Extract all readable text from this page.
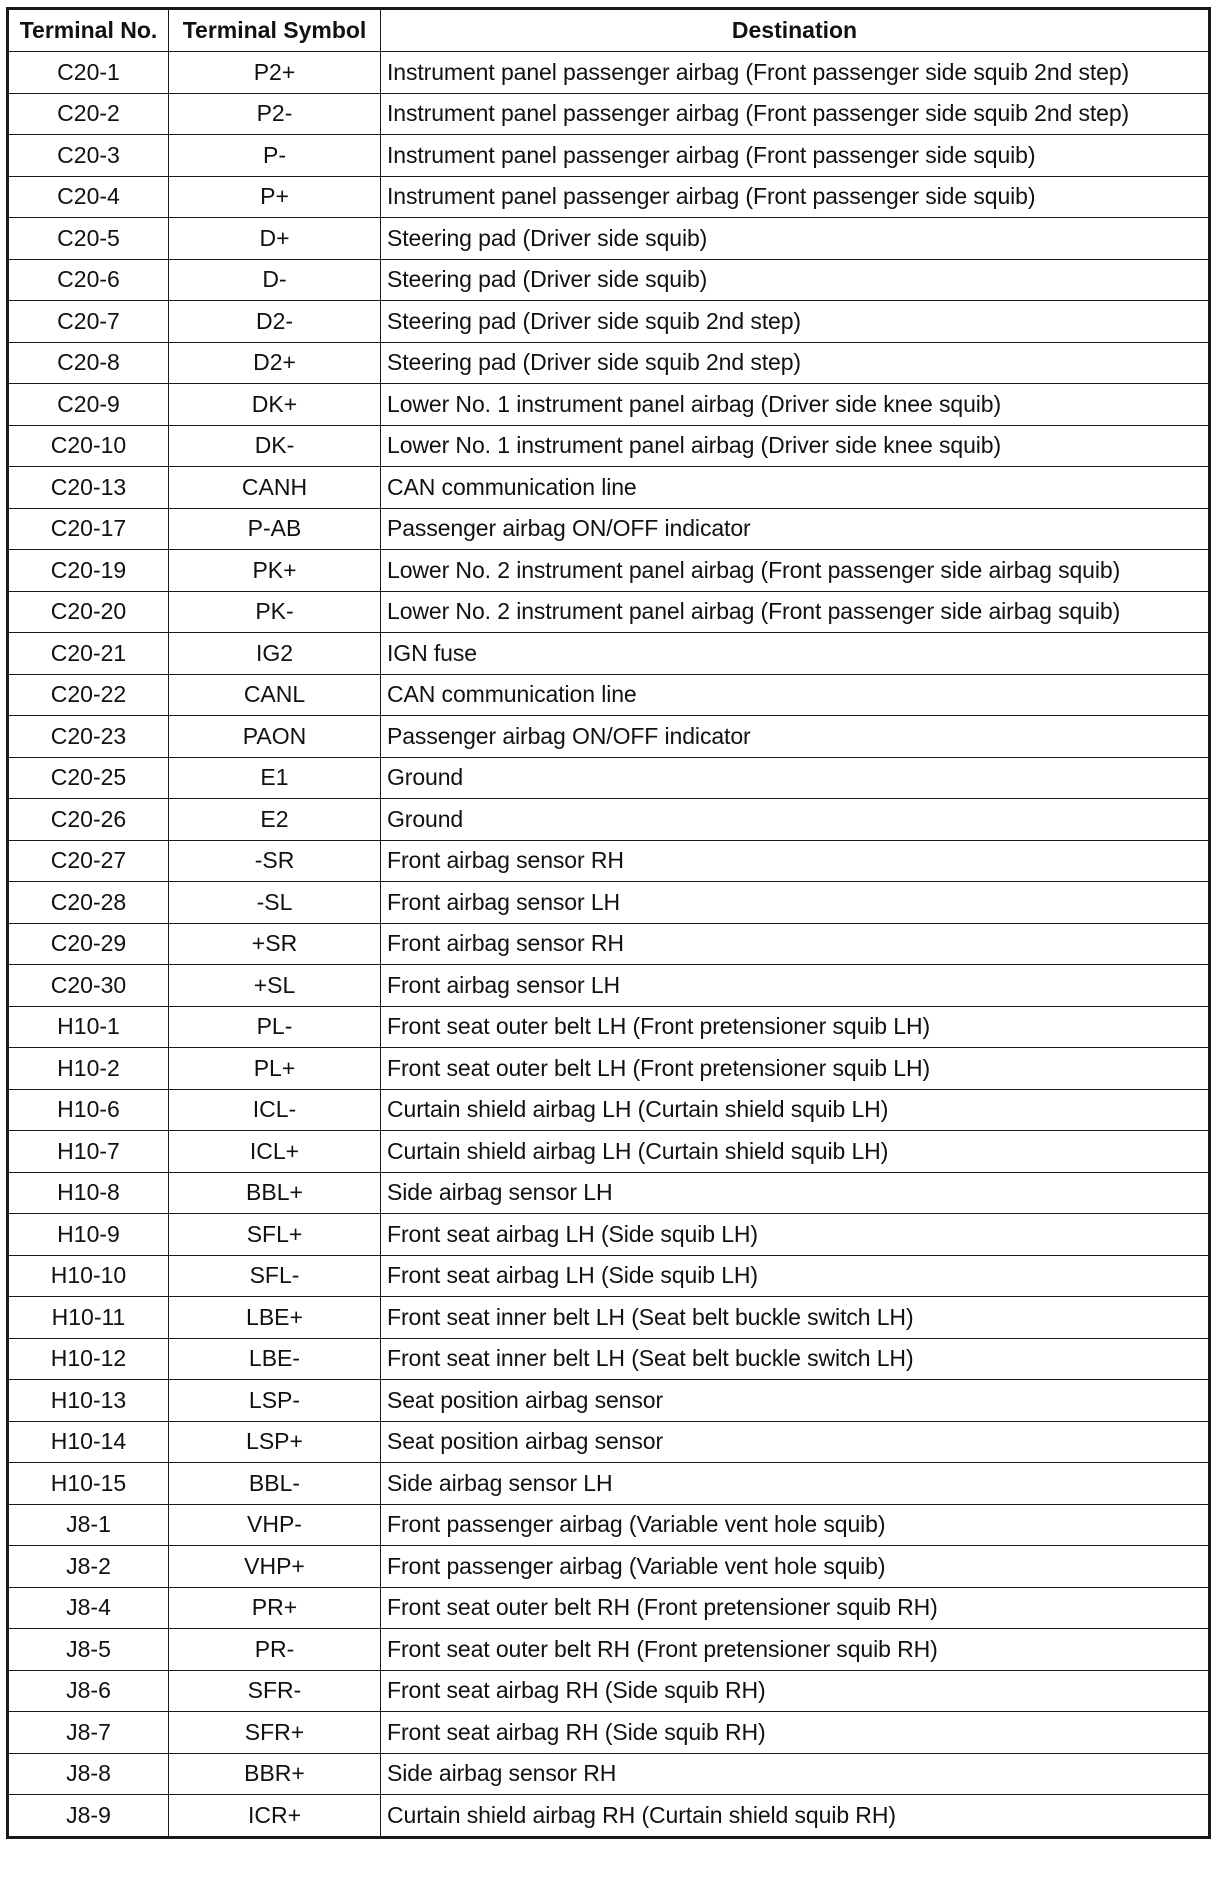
Terminal No.	Terminal Symbol	Destination
C20-1	P2+	Instrument panel passenger airbag (Front passenger side squib 2nd step)
C20-2	P2-	Instrument panel passenger airbag (Front passenger side squib 2nd step)
C20-3	P-	Instrument panel passenger airbag (Front passenger side squib)
C20-4	P+	Instrument panel passenger airbag (Front passenger side squib)
C20-5	D+	Steering pad (Driver side squib)
C20-6	D-	Steering pad (Driver side squib)
C20-7	D2-	Steering pad (Driver side squib 2nd step)
C20-8	D2+	Steering pad (Driver side squib 2nd step)
C20-9	DK+	Lower No. 1 instrument panel airbag (Driver side knee squib)
C20-10	DK-	Lower No. 1 instrument panel airbag (Driver side knee squib)
C20-13	CANH	CAN communication line
C20-17	P-AB	Passenger airbag ON/OFF indicator
C20-19	PK+	Lower No. 2 instrument panel airbag (Front passenger side airbag squib)
C20-20	PK-	Lower No. 2 instrument panel airbag (Front passenger side airbag squib)
C20-21	IG2	IGN fuse
C20-22	CANL	CAN communication line
C20-23	PAON	Passenger airbag ON/OFF indicator
C20-25	E1	Ground
C20-26	E2	Ground
C20-27	-SR	Front airbag sensor RH
C20-28	-SL	Front airbag sensor LH
C20-29	+SR	Front airbag sensor RH
C20-30	+SL	Front airbag sensor LH
H10-1	PL-	Front seat outer belt LH (Front pretensioner squib LH)
H10-2	PL+	Front seat outer belt LH (Front pretensioner squib LH)
H10-6	ICL-	Curtain shield airbag LH (Curtain shield squib LH)
H10-7	ICL+	Curtain shield airbag LH (Curtain shield squib LH)
H10-8	BBL+	Side airbag sensor LH
H10-9	SFL+	Front seat airbag LH (Side squib LH)
H10-10	SFL-	Front seat airbag LH (Side squib LH)
H10-11	LBE+	Front seat inner belt LH (Seat belt buckle switch LH)
H10-12	LBE-	Front seat inner belt LH (Seat belt buckle switch LH)
H10-13	LSP-	Seat position airbag sensor
H10-14	LSP+	Seat position airbag sensor
H10-15	BBL-	Side airbag sensor LH
J8-1	VHP-	Front passenger airbag (Variable vent hole squib)
J8-2	VHP+	Front passenger airbag (Variable vent hole squib)
J8-4	PR+	Front seat outer belt RH (Front pretensioner squib RH)
J8-5	PR-	Front seat outer belt RH (Front pretensioner squib RH)
J8-6	SFR-	Front seat airbag RH (Side squib RH)
J8-7	SFR+	Front seat airbag RH (Side squib RH)
J8-8	BBR+	Side airbag sensor RH
J8-9	ICR+	Curtain shield airbag RH (Curtain shield squib RH)
